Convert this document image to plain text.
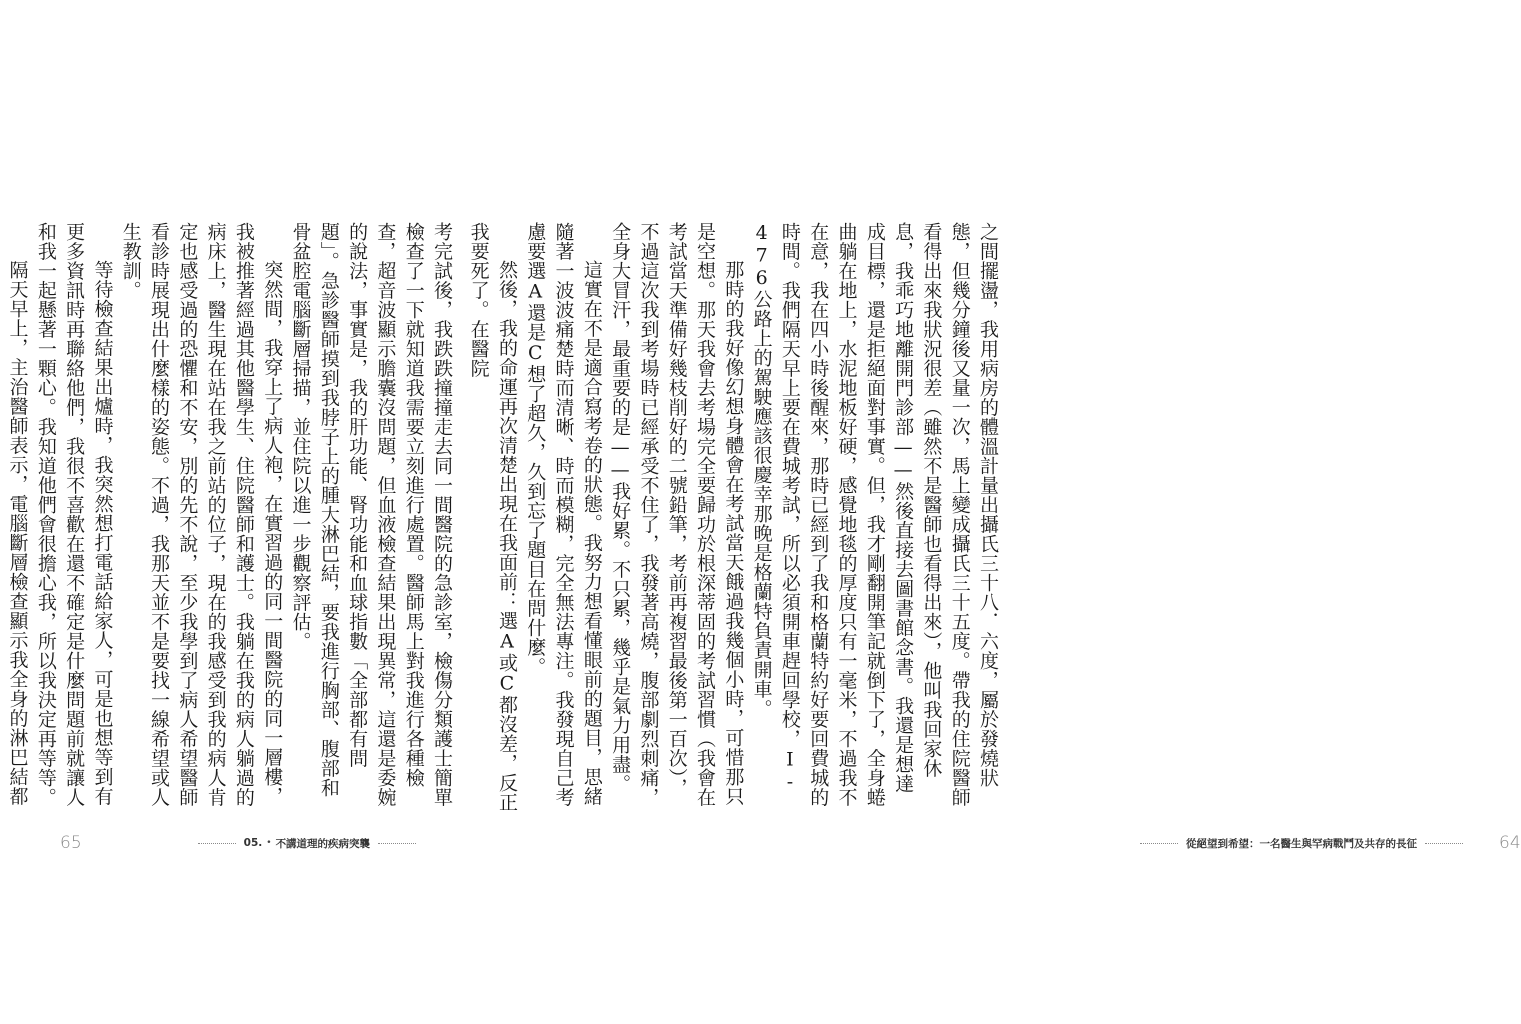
之間擺盪，我用病房的體溫計量出攝氏三十八．六度，屬於發燒狀態，但幾分鐘後又量一次，馬上變成攝氏三十五度。帶我的住院醫師看得出來我狀況很差（雖然不是醫師也看得出來），他叫我回家休息，我乖巧地離開門診部——然後直接去圖書館念書。我還是想達成目標，還是拒絕面對事實。但，我才剛翻開筆記就倒下了，全身蜷曲躺在地上，水泥地板好硬，感覺地毯的厚度只有一毫米，不過我不在意，我在四小時後醒來，那時已經到了我和格蘭特約好要回費城的時間。我們隔天早上要在費城考試，所以必須開車趕回學校，I-476公路上的駕駛應該很慶幸那晚是格蘭特負責開車。

那時的我好像幻想身體會在考試當天餓過我幾個小時，可惜那只是空想。那天我會去考場完全要歸功於根深蒂固的考試習慣（我會在考試當天準備好幾枝削好的二號鉛筆，考前再複習最後第一百次），不過這次我到考場時已經承受不住了，我發著高燒，腹部劇烈刺痛，全身大冒汗，最重要的是——我好累。不只累，幾乎是氣力用盡。

這實在不是適合寫考卷的狀態。我努力想看懂眼前的題目，思緒隨著一波波痛楚時而清晰、時而模糊，完全無法專注。我發現自己考慮要選A還是C想了超久，久到忘了題目在問什麼。

然後，我的命運再次清楚出現在我面前：選A或C都沒差，反正我要死了。在醫院

從絕望到希望：一名醫生與罕病戰鬥及共存的長征	64

考完試後，我跌跌撞撞走去同一間醫院的急診室，檢傷分類護士簡單檢查了一下就知道我需要立刻進行處置。醫師馬上對我進行各種檢查，超音波顯示膽囊沒問題，但血液檢查結果出現異常，這還是委婉的說法，事實是，我的肝功能、腎功能和血球指數「全部都有問題」。急診醫師摸到我脖子上的腫大淋巴結，要我進行胸部、腹部和骨盆腔電腦斷層掃描，並住院以進一步觀察評估。

突然間，我穿上了病人袍，在實習過的同一間醫院的同一層樓，我被推著經過其他醫學生、住院醫師和護士。我躺在我的病人躺過的病床上，醫生現在站在我之前站的位子，現在的我感受到我的病人肯定也感受過的恐懼和不安，別的先不說，至少我學到了病人希望醫師看診時展現出什麼樣的姿態。不過，我那天並不是要找一線希望或人生教訓。

等待檢查結果出爐時，我突然想打電話給家人，可是也想等到有更多資訊時再聯絡他們，我很不喜歡在還不確定是什麼問題前就讓人和我一起懸著一顆心。我知道他們會很擔心我，所以我決定再等等。

隔天早上，主治醫師表示，電腦斷層檢查顯示我全身的淋巴結都

65	05. • 不講道理的疾病突襲
